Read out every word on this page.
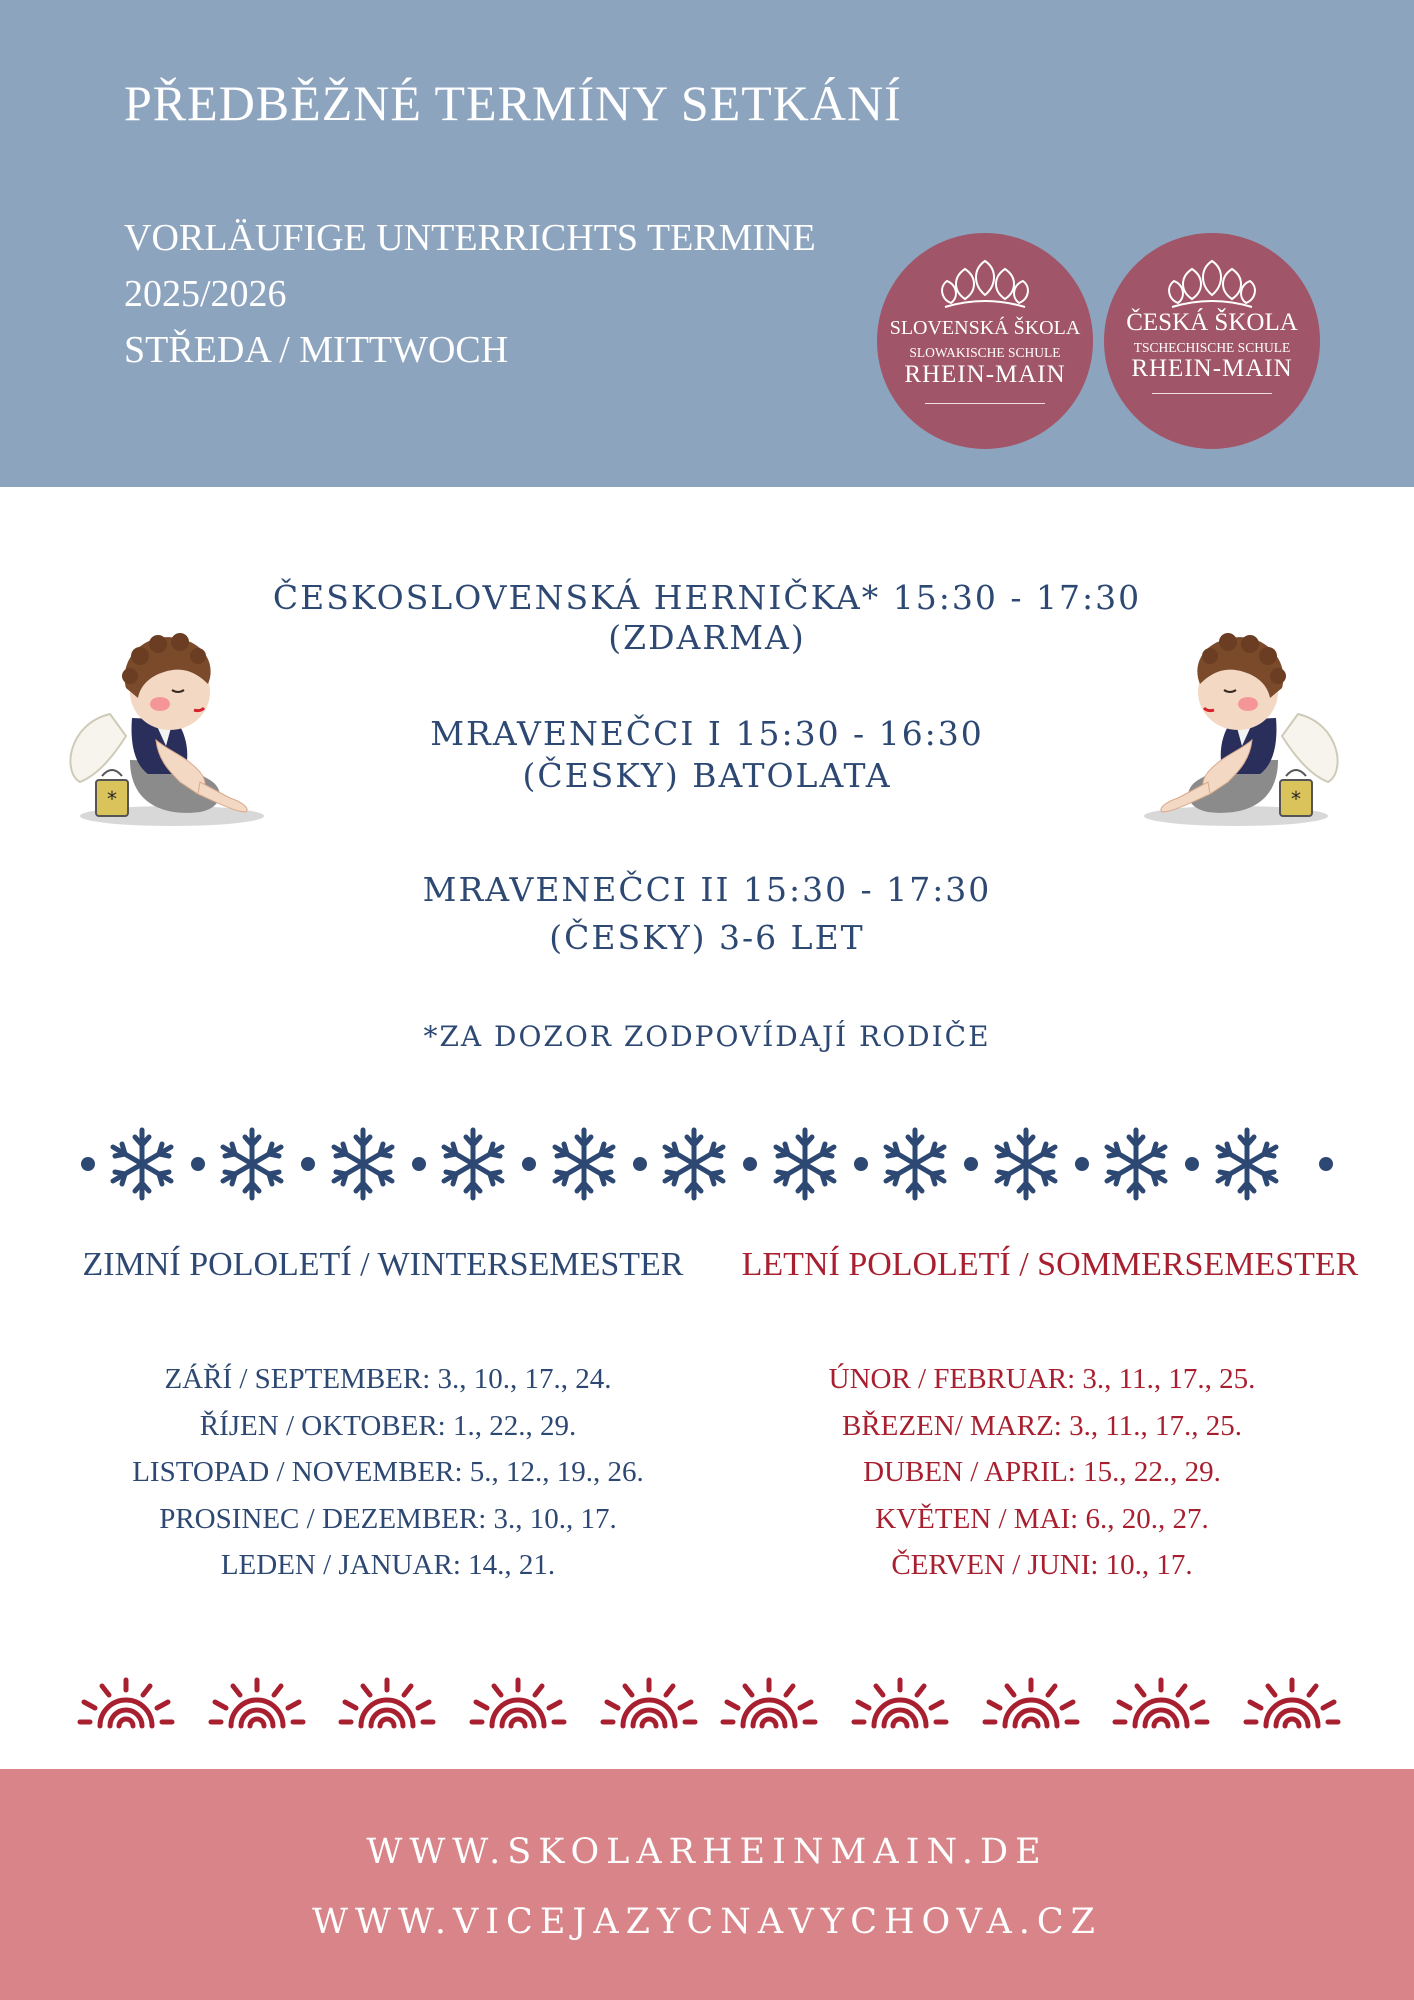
PŘEDBĚŽNÉ TERMÍNY SETKÁNÍ
VORLÄUFIGE UNTERRICHTS TERMINE
2025/2026
STŘEDA / MITTWOCH
SLOVENSKÁ ŠKOLA
SLOWAKISCHE SCHULE
RHEIN-MAIN
ČESKÁ ŠKOLA
TSCHECHISCHE SCHULE
RHEIN-MAIN
*	*
ČESKOSLOVENSKÁ HERNIČKA* 15:30 - 17:30
(ZDARMA)
MRAVENEČCI I 15:30 - 16:30
(ČESKY) BATOLATA
MRAVENEČCI II 15:30 - 17:30
(ČESKY) 3-6 LET
*ZA DOZOR ZODPOVÍDAJÍ RODIČE
ZIMNÍ POLOLETÍ / WINTERSEMESTER	LETNÍ POLOLETÍ / SOMMERSEMESTER
ZÁŘÍ / SEPTEMBER: 3., 10., 17., 24.
ŘÍJEN / OKTOBER: 1., 22., 29.
LISTOPAD / NOVEMBER: 5., 12., 19., 26.
PROSINEC / DEZEMBER: 3., 10., 17.
LEDEN / JANUAR: 14., 21.
ÚNOR / FEBRUAR: 3., 11., 17., 25.
BŘEZEN/ MARZ: 3., 11., 17., 25.
DUBEN / APRIL: 15., 22., 29.
KVĚTEN / MAI: 6., 20., 27.
ČERVEN / JUNI: 10., 17.
WWW.SKOLARHEINMAIN.DE
WWW.VICEJAZYCNAVYCHOVA.CZ
